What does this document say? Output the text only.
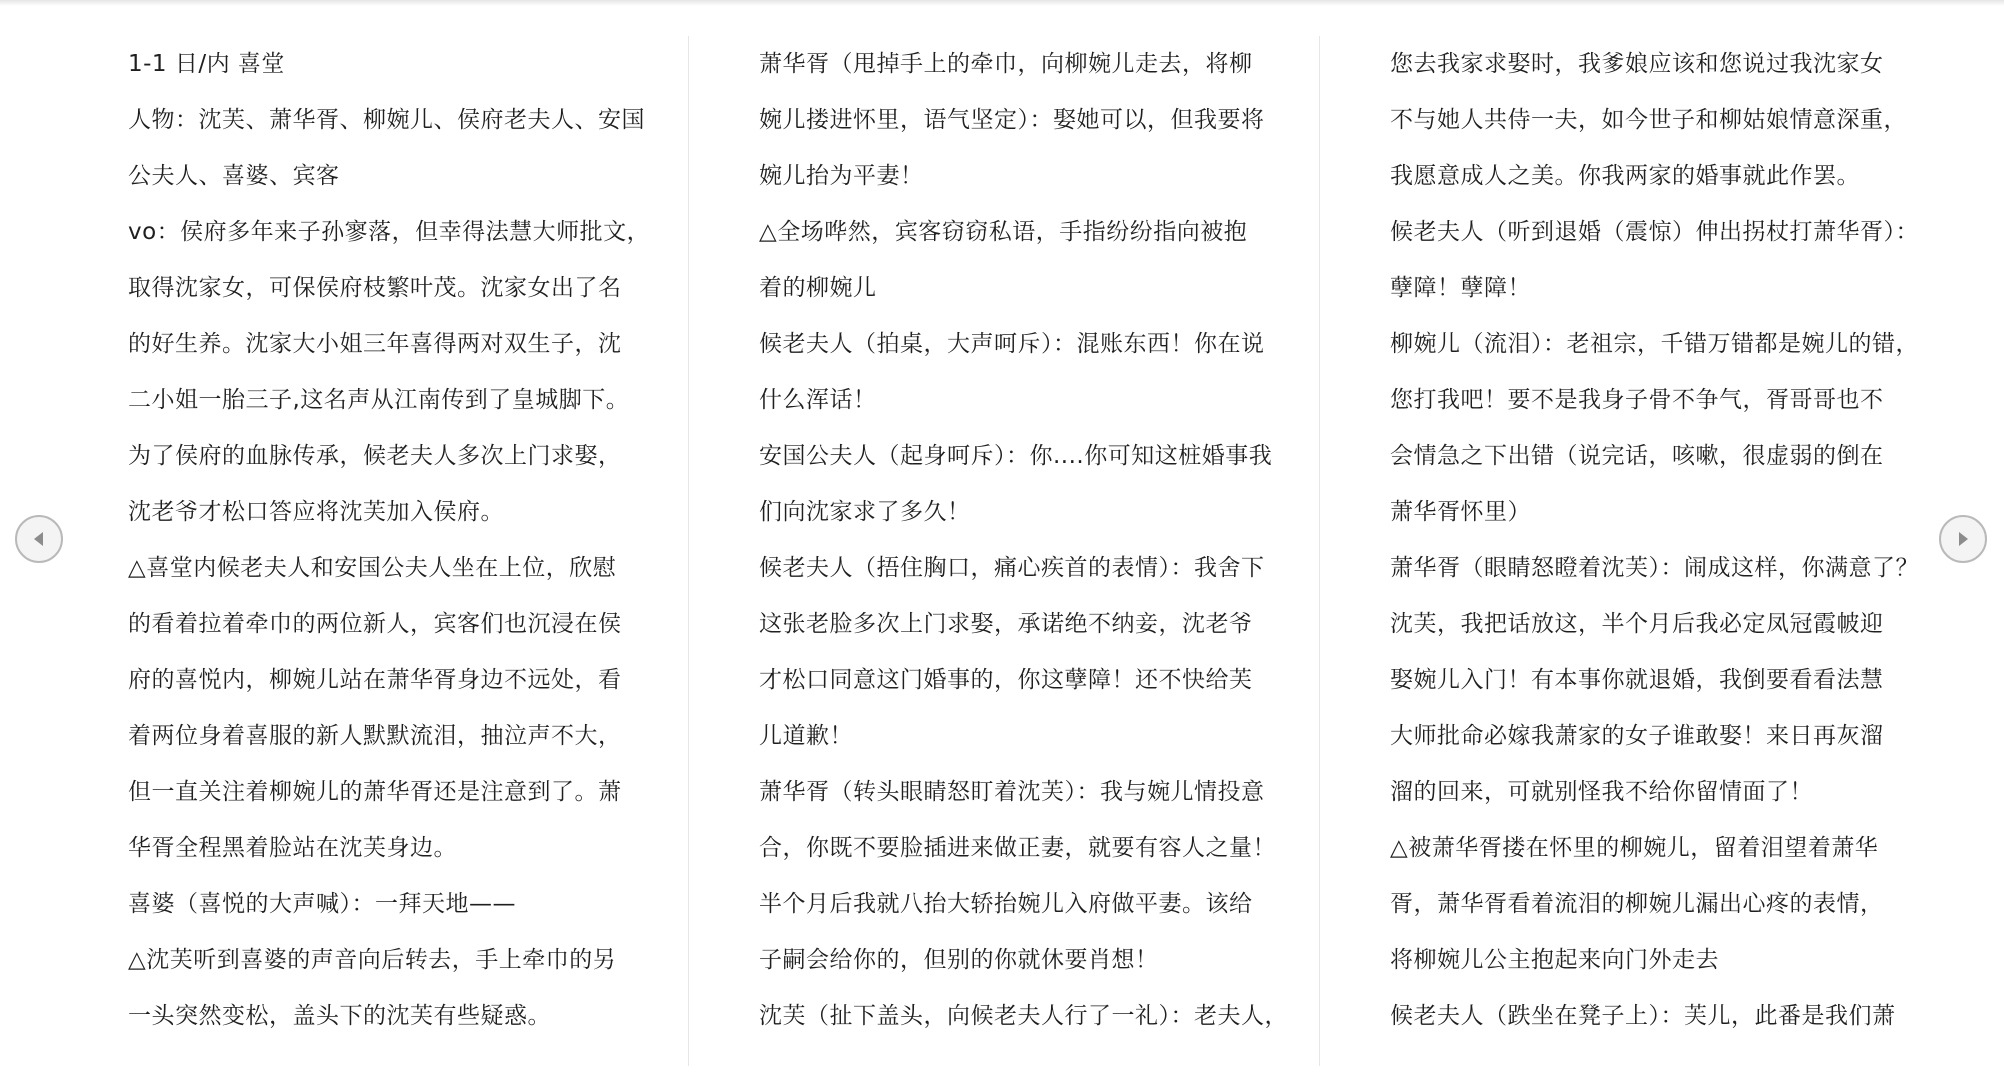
1-1 日/内 喜堂

人物：沈芙、萧华胥、柳婉儿、侯府老夫人、安国

公夫人、喜婆、宾客

vo：侯府多年来子孙寥落，但幸得法慧大师批文，

取得沈家女，可保侯府枝繁叶茂。沈家女出了名

的好生养。沈家大小姐三年喜得两对双生子，沈

二小姐一胎三子,这名声从江南传到了皇城脚下。

为了侯府的血脉传承，候老夫人多次上门求娶，

沈老爷才松口答应将沈芙加入侯府。

△喜堂内候老夫人和安国公夫人坐在上位，欣慰

的看着拉着牵巾的两位新人，宾客们也沉浸在侯

府的喜悦内，柳婉儿站在萧华胥身边不远处，看

着两位身着喜服的新人默默流泪，抽泣声不大，

但一直关注着柳婉儿的萧华胥还是注意到了。萧

华胥全程黑着脸站在沈芙身边。

喜婆（喜悦的大声喊）：一拜天地——

△沈芙听到喜婆的声音向后转去，手上牵巾的另

一头突然变松，盖头下的沈芙有些疑惑。

萧华胥（甩掉手上的牵巾，向柳婉儿走去，将柳

婉儿搂进怀里，语气坚定）：娶她可以，但我要将

婉儿抬为平妻！

△全场哗然，宾客窃窃私语，手指纷纷指向被抱

着的柳婉儿

候老夫人（拍桌，大声呵斥）：混账东西！你在说

什么浑话！

安国公夫人（起身呵斥）：你....你可知这桩婚事我

们向沈家求了多久！

候老夫人（捂住胸口，痛心疾首的表情）：我舍下

这张老脸多次上门求娶，承诺绝不纳妾，沈老爷

才松口同意这门婚事的，你这孽障！还不快给芙

儿道歉！

萧华胥（转头眼睛怒盯着沈芙）：我与婉儿情投意

合，你既不要脸插进来做正妻，就要有容人之量！

半个月后我就八抬大轿抬婉儿入府做平妻。该给

子嗣会给你的，但别的你就休要肖想！

沈芙（扯下盖头，向候老夫人行了一礼）：老夫人，

您去我家求娶时，我爹娘应该和您说过我沈家女

不与她人共侍一夫，如今世子和柳姑娘情意深重，

我愿意成人之美。你我两家的婚事就此作罢。

候老夫人（听到退婚（震惊）伸出拐杖打萧华胥）：

孽障！孽障！

柳婉儿（流泪）：老祖宗，千错万错都是婉儿的错，

您打我吧！要不是我身子骨不争气，胥哥哥也不

会情急之下出错（说完话，咳嗽，很虚弱的倒在

萧华胥怀里）

萧华胥（眼睛怒瞪着沈芙）：闹成这样，你满意了？

沈芙，我把话放这，半个月后我必定凤冠霞帔迎

娶婉儿入门！有本事你就退婚，我倒要看看法慧

大师批命必嫁我萧家的女子谁敢娶！来日再灰溜

溜的回来，可就别怪我不给你留情面了！

△被萧华胥搂在怀里的柳婉儿，留着泪望着萧华

胥，萧华胥看着流泪的柳婉儿漏出心疼的表情，

将柳婉儿公主抱起来向门外走去

候老夫人（跌坐在凳子上）：芙儿，此番是我们萧
